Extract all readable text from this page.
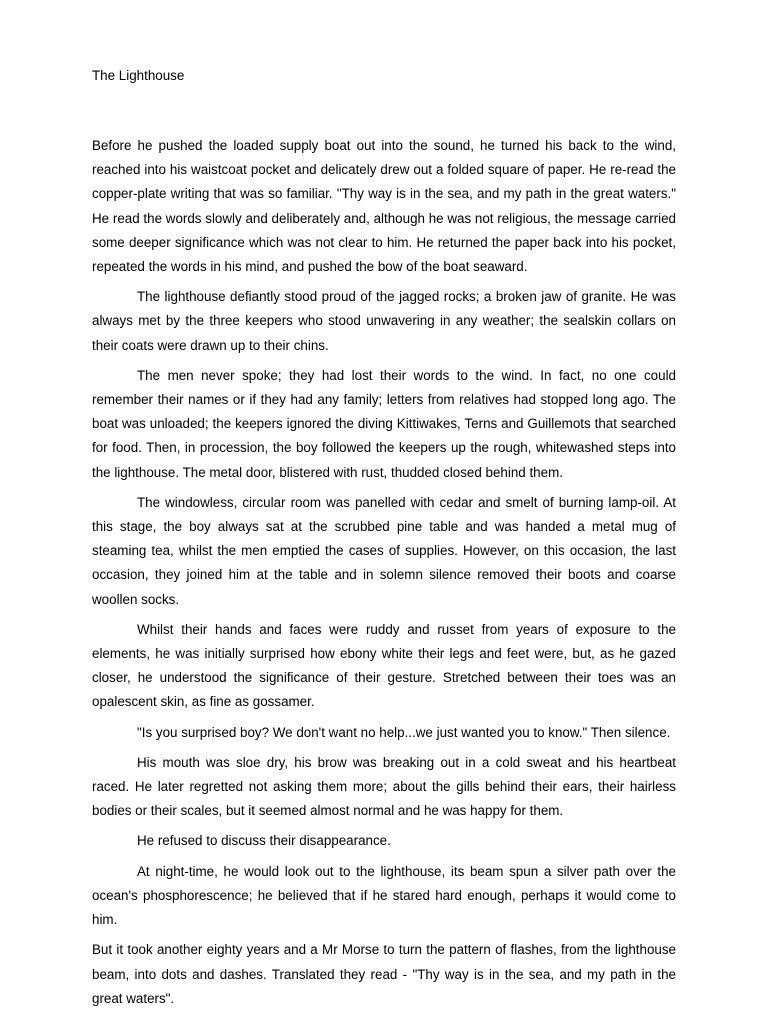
The Lighthouse

Before he pushed the loaded supply boat out into the sound, he turned his back to the wind, reached into his waistcoat pocket and delicately drew out a folded square of paper. He re-read the copper-plate writing that was so familiar. "Thy way is in the sea, and my path in the great waters." He read the words slowly and deliberately and, although he was not religious, the message carried some deeper significance which was not clear to him. He returned the paper back into his pocket, repeated the words in his mind, and pushed the bow of the boat seaward.

The lighthouse defiantly stood proud of the jagged rocks; a broken jaw of granite. He was always met by the three keepers who stood unwavering in any weather; the sealskin collars on their coats were drawn up to their chins.

The men never spoke; they had lost their words to the wind. In fact, no one could remember their names or if they had any family; letters from relatives had stopped long ago. The boat was unloaded; the keepers ignored the diving Kittiwakes, Terns and Guillemots that searched for food. Then, in procession, the boy followed the keepers up the rough, whitewashed steps into the lighthouse. The metal door, blistered with rust, thudded closed behind them.

The windowless, circular room was panelled with cedar and smelt of burning lamp-oil. At this stage, the boy always sat at the scrubbed pine table and was handed a metal mug of steaming tea, whilst the men emptied the cases of supplies. However, on this occasion, the last occasion, they joined him at the table and in solemn silence removed their boots and coarse woollen socks.

Whilst their hands and faces were ruddy and russet from years of exposure to the elements, he was initially surprised how ebony white their legs and feet were, but, as he gazed closer, he understood the significance of their gesture. Stretched between their toes was an opalescent skin, as fine as gossamer.

"Is you surprised boy? We don't want no help...we just wanted you to know." Then silence.

His mouth was sloe dry, his brow was breaking out in a cold sweat and his heartbeat raced. He later regretted not asking them more; about the gills behind their ears, their hairless bodies or their scales, but it seemed almost normal and he was happy for them.

He refused to discuss their disappearance.

At night-time, he would look out to the lighthouse, its beam spun a silver path over the ocean's phosphorescence; he believed that if he stared hard enough, perhaps it would come to him.

But it took another eighty years and a Mr Morse to turn the pattern of flashes, from the lighthouse beam, into dots and dashes. Translated they read - "Thy way is in the sea, and my path in the great waters".
